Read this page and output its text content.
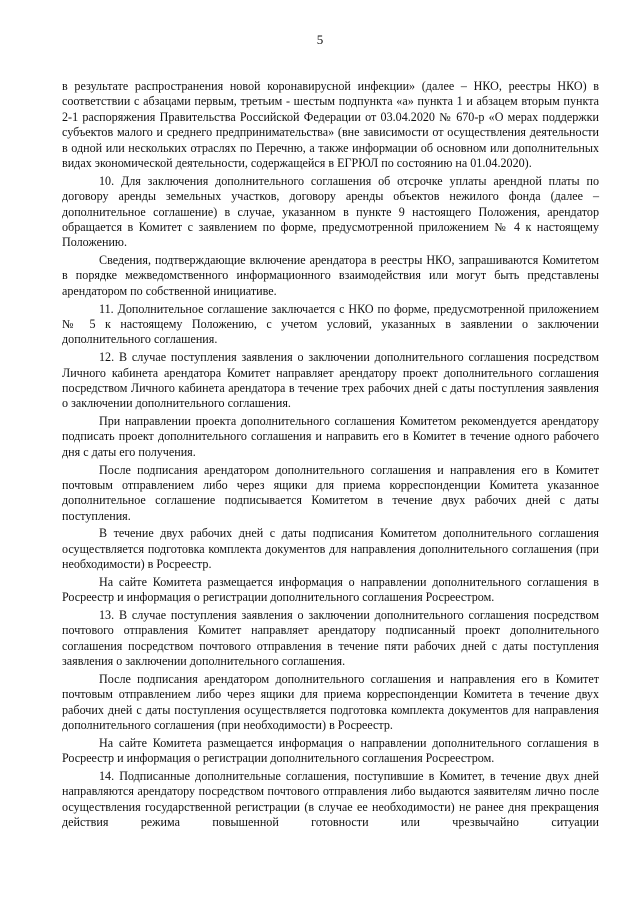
5

в результате распространения новой коронавирусной инфекции» (далее – НКО, реестры НКО) в соответствии с абзацами первым, третьим - шестым подпункта «а» пункта 1 и абзацем вторым пункта 2-1 распоряжения Правительства Российской Федерации от 03.04.2020 № 670-р «О мерах поддержки субъектов малого и среднего предпринимательства» (вне зависимости от осуществления деятельности в одной или нескольких отраслях по Перечню, а также информации об основном или дополнительных видах экономической деятельности, содержащейся в ЕГРЮЛ по состоянию на 01.04.2020).

10. Для заключения дополнительного соглашения об отсрочке уплаты арендной платы по договору аренды земельных участков, договору аренды объектов нежилого фонда (далее – дополнительное соглашение) в случае, указанном в пункте 9 настоящего Положения, арендатор обращается в Комитет с заявлением по форме, предусмотренной приложением № 4 к настоящему Положению.

Сведения, подтверждающие включение арендатора в реестры НКО, запрашиваются Комитетом в порядке межведомственного информационного взаимодействия или могут быть представлены арендатором по собственной инициативе.

11. Дополнительное соглашение заключается с НКО по форме, предусмотренной приложением № 5 к настоящему Положению, с учетом условий, указанных в заявлении о заключении дополнительного соглашения.

12. В случае поступления заявления о заключении дополнительного соглашения посредством Личного кабинета арендатора Комитет направляет арендатору проект дополнительного соглашения посредством Личного кабинета арендатора в течение трех рабочих дней с даты поступления заявления о заключении дополнительного соглашения.

При направлении проекта дополнительного соглашения Комитетом рекомендуется арендатору подписать проект дополнительного соглашения и направить его в Комитет в течение одного рабочего дня с даты его получения.

После подписания арендатором дополнительного соглашения и направления его в Комитет почтовым отправлением либо через ящики для приема корреспонденции Комитета указанное дополнительное соглашение подписывается Комитетом в течение двух рабочих дней с даты поступления.

В течение двух рабочих дней с даты подписания Комитетом дополнительного соглашения осуществляется подготовка комплекта документов для направления дополнительного соглашения (при необходимости) в Росреестр.

На сайте Комитета размещается информация о направлении дополнительного соглашения в Росреестр и информация о регистрации дополнительного соглашения Росреестром.

13. В случае поступления заявления о заключении дополнительного соглашения посредством почтового отправления Комитет направляет арендатору подписанный проект дополнительного соглашения посредством почтового отправления в течение пяти рабочих дней с даты поступления заявления о заключении дополнительного соглашения.

После подписания арендатором дополнительного соглашения и направления его в Комитет почтовым отправлением либо через ящики для приема корреспонденции Комитета в течение двух рабочих дней с даты поступления осуществляется подготовка комплекта документов для направления дополнительного соглашения (при необходимости) в Росреестр.

На сайте Комитета размещается информация о направлении дополнительного соглашения в Росреестр и информация о регистрации дополнительного соглашения Росреестром.

14. Подписанные дополнительные соглашения, поступившие в Комитет, в течение двух дней направляются арендатору посредством почтового отправления либо выдаются заявителям лично после осуществления государственной регистрации (в случае ее необходимости) не ранее дня прекращения действия режима повышенной готовности или чрезвычайно ситуации
